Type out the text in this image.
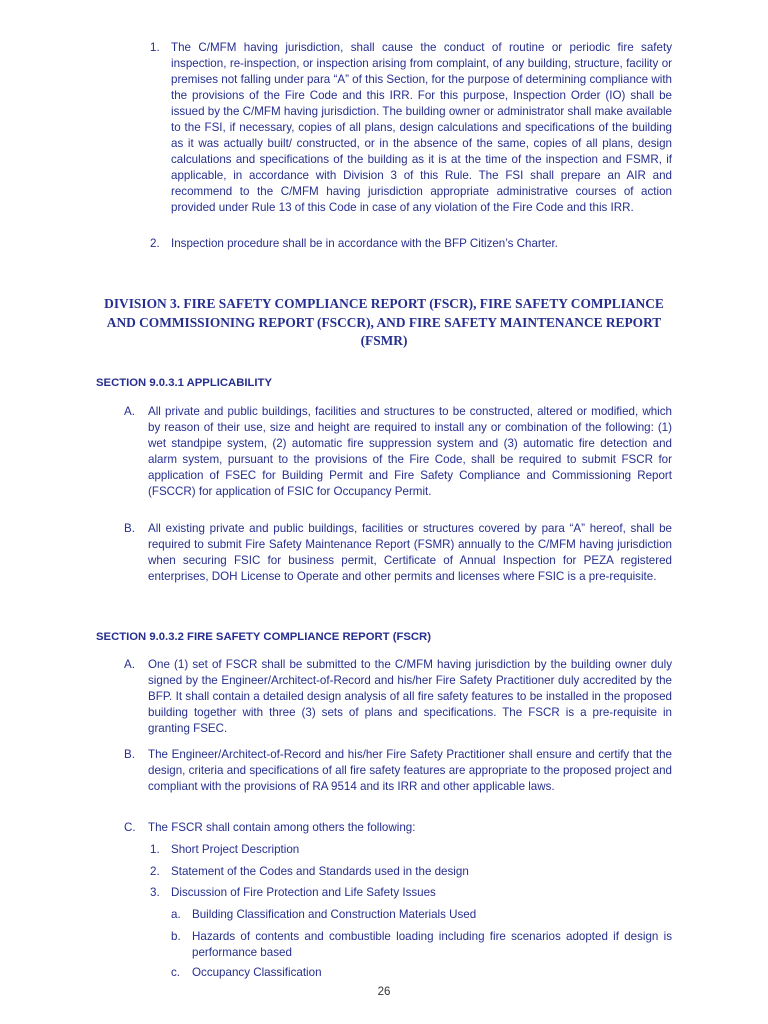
1. The C/MFM having jurisdiction, shall cause the conduct of routine or periodic fire safety inspection, re-inspection, or inspection arising from complaint, of any building, structure, facility or premises not falling under para “A” of this Section, for the purpose of determining compliance with the provisions of the Fire Code and this IRR. For this purpose, Inspection Order (IO) shall be issued by the C/MFM having jurisdiction. The building owner or administrator shall make available to the FSI, if necessary, copies of all plans, design calculations and specifications of the building as it was actually built/ constructed, or in the absence of the same, copies of all plans, design calculations and specifications of the building as it is at the time of the inspection and FSMR, if applicable, in accordance with Division 3 of this Rule. The FSI shall prepare an AIR and recommend to the C/MFM having jurisdiction appropriate administrative courses of action provided under Rule 13 of this Code in case of any violation of the Fire Code and this IRR.

2. Inspection procedure shall be in accordance with the BFP Citizen’s Charter.

DIVISION 3. FIRE SAFETY COMPLIANCE REPORT (FSCR), FIRE SAFETY COMPLIANCE AND COMMISSIONING REPORT (FSCCR), AND FIRE SAFETY MAINTENANCE REPORT (FSMR)
SECTION 9.0.3.1 APPLICABILITY
A. All private and public buildings, facilities and structures to be constructed, altered or modified, which by reason of their use, size and height are required to install any or combination of the following: (1) wet standpipe system, (2) automatic fire suppression system and (3) automatic fire detection and alarm system, pursuant to the provisions of the Fire Code, shall be required to submit FSCR for application of FSEC for Building Permit and Fire Safety Compliance and Commissioning Report (FSCCR) for application of FSIC for Occupancy Permit.

B. All existing private and public buildings, facilities or structures covered by para “A” hereof, shall be required to submit Fire Safety Maintenance Report (FSMR) annually to the C/MFM having jurisdiction when securing FSIC for business permit, Certificate of Annual Inspection for PEZA registered enterprises, DOH License to Operate and other permits and licenses where FSIC is a pre-requisite.

SECTION 9.0.3.2 FIRE SAFETY COMPLIANCE REPORT (FSCR)
A. One (1) set of FSCR shall be submitted to the C/MFM having jurisdiction by the building owner duly signed by the Engineer/Architect-of-Record and his/her Fire Safety Practitioner duly accredited by the BFP. It shall contain a detailed design analysis of all fire safety features to be installed in the proposed building together with three (3) sets of plans and specifications. The FSCR is a pre-requisite in granting FSEC.

B. The Engineer/Architect-of-Record and his/her Fire Safety Practitioner shall ensure and certify that the design, criteria and specifications of all fire safety features are appropriate to the proposed project and compliant with the provisions of RA 9514 and its IRR and other applicable laws.

C. The FSCR shall contain among others the following:

1. Short Project Description
2. Statement of the Codes and Standards used in the design
3. Discussion of Fire Protection and Life Safety Issues
a. Building Classification and Construction Materials Used
b. Hazards of contents and combustible loading including fire scenarios adopted if design is performance based
c. Occupancy Classification

26
